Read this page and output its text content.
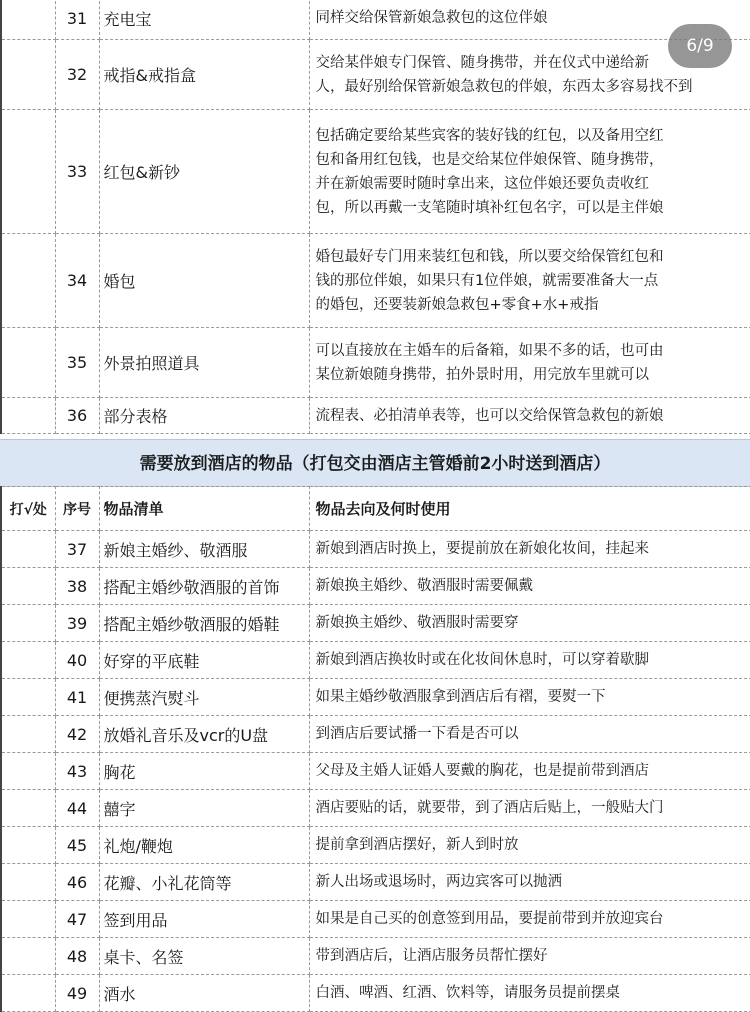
	31	充电宝	同样交给保管新娘急救包的这位伴娘

	32	戒指&戒指盒	交给某伴娘专门保管、随身携带，并在仪式中递给新
人，最好别给保管新娘急救包的伴娘，东西太多容易找不到

	33	红包&新钞	包括确定要给某些宾客的装好钱的红包，以及备用空红
包和备用红包钱，也是交给某位伴娘保管、随身携带，
并在新娘需要时随时拿出来，这位伴娘还要负责收红
包，所以再戴一支笔随时填补红包名字，可以是主伴娘

	34	婚包	婚包最好专门用来装红包和钱，所以要交给保管红包和
钱的那位伴娘，如果只有1位伴娘，就需要准备大一点
的婚包，还要装新娘急救包+零食+水+戒指

	35	外景拍照道具	可以直接放在主婚车的后备箱，如果不多的话，也可由
某位新娘随身携带，拍外景时用，用完放车里就可以

	36	部分表格	流程表、必拍清单表等，也可以交给保管急救包的新娘
需要放到酒店的物品（打包交由酒店主管婚前2小时送到酒店）
打√处	序号	物品清单	物品去向及何时使用
	37	新娘主婚纱、敬酒服	新娘到酒店时换上，要提前放在新娘化妆间，挂起来
	38	搭配主婚纱敬酒服的首饰	新娘换主婚纱、敬酒服时需要佩戴
	39	搭配主婚纱敬酒服的婚鞋	新娘换主婚纱、敬酒服时需要穿
	40	好穿的平底鞋	新娘到酒店换妆时或在化妆间休息时，可以穿着歇脚
	41	便携蒸汽熨斗	如果主婚纱敬酒服拿到酒店后有褶，要熨一下
	42	放婚礼音乐及vcr的U盘	到酒店后要试播一下看是否可以
	43	胸花	父母及主婚人证婚人要戴的胸花，也是提前带到酒店
	44	囍字	酒店要贴的话，就要带，到了酒店后贴上，一般贴大门
	45	礼炮/鞭炮	提前拿到酒店摆好，新人到时放
	46	花瓣、小礼花筒等	新人出场或退场时，两边宾客可以抛洒
	47	签到用品	如果是自己买的创意签到用品，要提前带到并放迎宾台
	48	桌卡、名签	带到酒店后，让酒店服务员帮忙摆好
	49	酒水	白酒、啤酒、红酒、饮料等，请服务员提前摆桌
6/9
